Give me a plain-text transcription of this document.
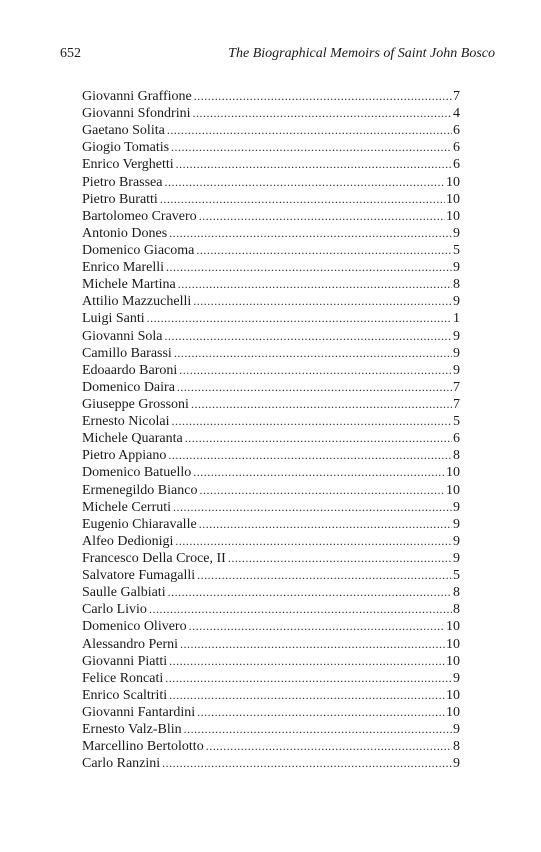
652	The Biographical Memoirs of Saint John Bosco
Giovanni Graffione .....	7
Giovanni Sfondrini .....	4
Gaetano Solita .....	6
Giogio Tomatis .....	6
Enrico Verghetti .....	6
Pietro Brassea .....	10
Pietro Buratti .....	10
Bartolomeo Cravero .....	10
Antonio Dones .....	9
Domenico Giacoma .....	5
Enrico Marelli .....	9
Michele Martina .....	8
Attilio Mazzuchelli .....	9
Luigi Santi .....	1
Giovanni Sola .....	9
Camillo Barassi .....	9
Edoaardo Baroni .....	9
Domenico Daira .....	7
Giuseppe Grossoni .....	7
Ernesto Nicolai .....	5
Michele Quaranta .....	6
Pietro Appiano .....	8
Domenico Batuello .....	10
Ermenegildo Bianco .....	10
Michele Cerruti .....	9
Eugenio Chiaravalle .....	9
Alfeo Dedionigi .....	9
Francesco Della Croce, II .....	9
Salvatore Fumagalli .....	5
Saulle Galbiati .....	8
Carlo Livio .....	8
Domenico Olivero .....	10
Alessandro Perni .....	10
Giovanni Piatti .....	10
Felice Roncati .....	9
Enrico Scaltriti .....	10
Giovanni Fantardini .....	10
Ernesto Valz-Blin .....	9
Marcellino Bertolotto .....	8
Carlo Ranzini .....	9
